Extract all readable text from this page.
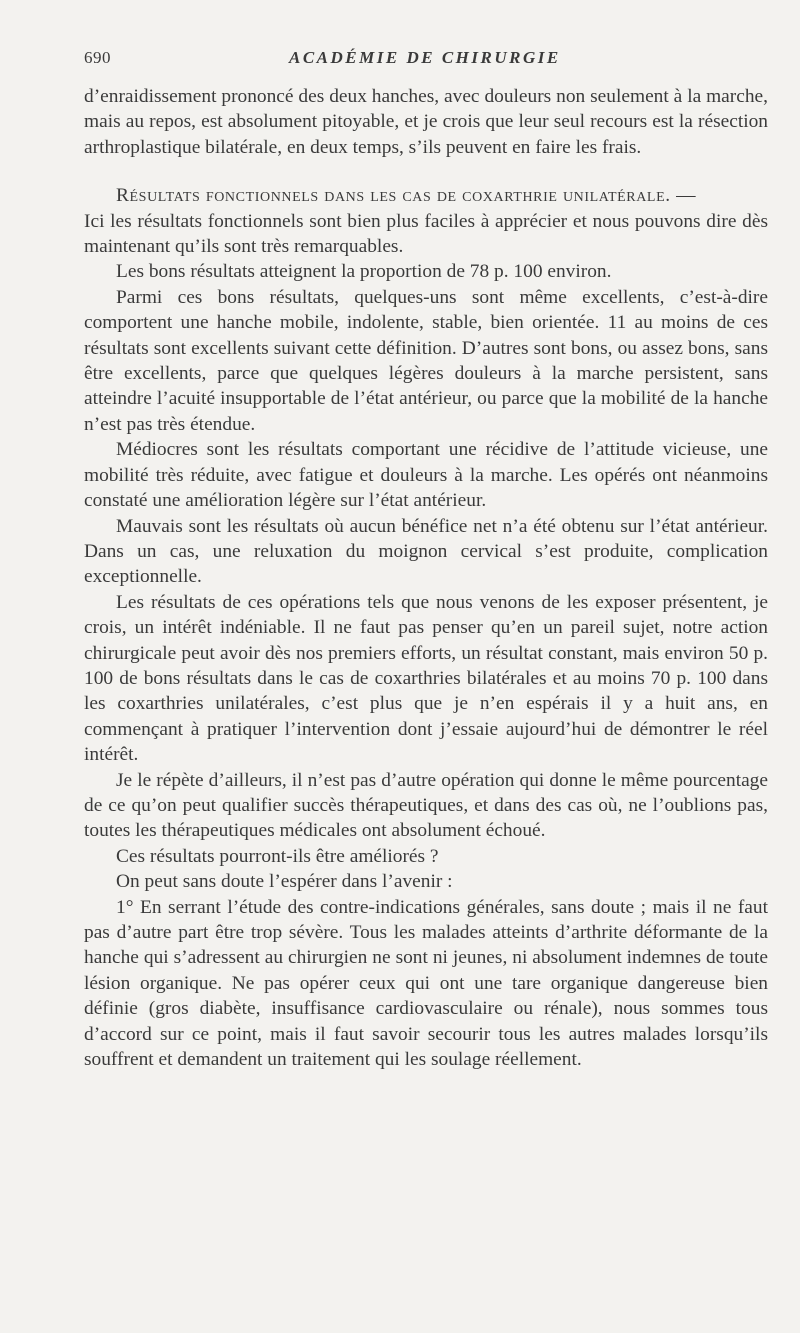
690	ACADÉMIE DE CHIRURGIE

d’enraidissement prononcé des deux hanches, avec douleurs non seulement à la marche, mais au repos, est absolument pitoyable, et je crois que leur seul recours est la résection arthroplastique bilatérale, en deux temps, s’ils peuvent en faire les frais.

Résultats fonctionnels dans les cas de coxarthrie unilatérale. —
Ici les résultats fonctionnels sont bien plus faciles à apprécier et nous pouvons dire dès maintenant qu’ils sont très remarquables.

Les bons résultats atteignent la proportion de 78 p. 100 environ.

Parmi ces bons résultats, quelques-uns sont même excellents, c’est-à-dire comportent une hanche mobile, indolente, stable, bien orientée. 11 au moins de ces résultats sont excellents suivant cette définition. D’autres sont bons, ou assez bons, sans être excellents, parce que quelques légères douleurs à la marche persistent, sans atteindre l’acuité insupportable de l’état antérieur, ou parce que la mobilité de la hanche n’est pas très étendue.

Médiocres sont les résultats comportant une récidive de l’attitude vicieuse, une mobilité très réduite, avec fatigue et douleurs à la marche. Les opérés ont néanmoins constaté une amélioration légère sur l’état antérieur.

Mauvais sont les résultats où aucun bénéfice net n’a été obtenu sur l’état antérieur. Dans un cas, une reluxation du moignon cervical s’est produite, complication exceptionnelle.

Les résultats de ces opérations tels que nous venons de les exposer présentent, je crois, un intérêt indéniable. Il ne faut pas penser qu’en un pareil sujet, notre action chirurgicale peut avoir dès nos premiers efforts, un résultat constant, mais environ 50 p. 100 de bons résultats dans le cas de coxarthries bilatérales et au moins 70 p. 100 dans les coxarthries unilatérales, c’est plus que je n’en espérais il y a huit ans, en commençant à pratiquer l’intervention dont j’essaie aujourd’hui de démontrer le réel intérêt.

Je le répète d’ailleurs, il n’est pas d’autre opération qui donne le même pourcentage de ce qu’on peut qualifier succès thérapeutiques, et dans des cas où, ne l’oublions pas, toutes les thérapeutiques médicales ont absolument échoué.

Ces résultats pourront-ils être améliorés ?

On peut sans doute l’espérer dans l’avenir :

1° En serrant l’étude des contre-indications générales, sans doute ; mais il ne faut pas d’autre part être trop sévère. Tous les malades atteints d’arthrite déformante de la hanche qui s’adressent au chirurgien ne sont ni jeunes, ni absolument indemnes de toute lésion organique. Ne pas opérer ceux qui ont une tare organique dangereuse bien définie (gros diabète, insuffisance cardiovasculaire ou rénale), nous sommes tous d’accord sur ce point, mais il faut savoir secourir tous les autres malades lorsqu’ils souffrent et demandent un traitement qui les soulage réellement.
